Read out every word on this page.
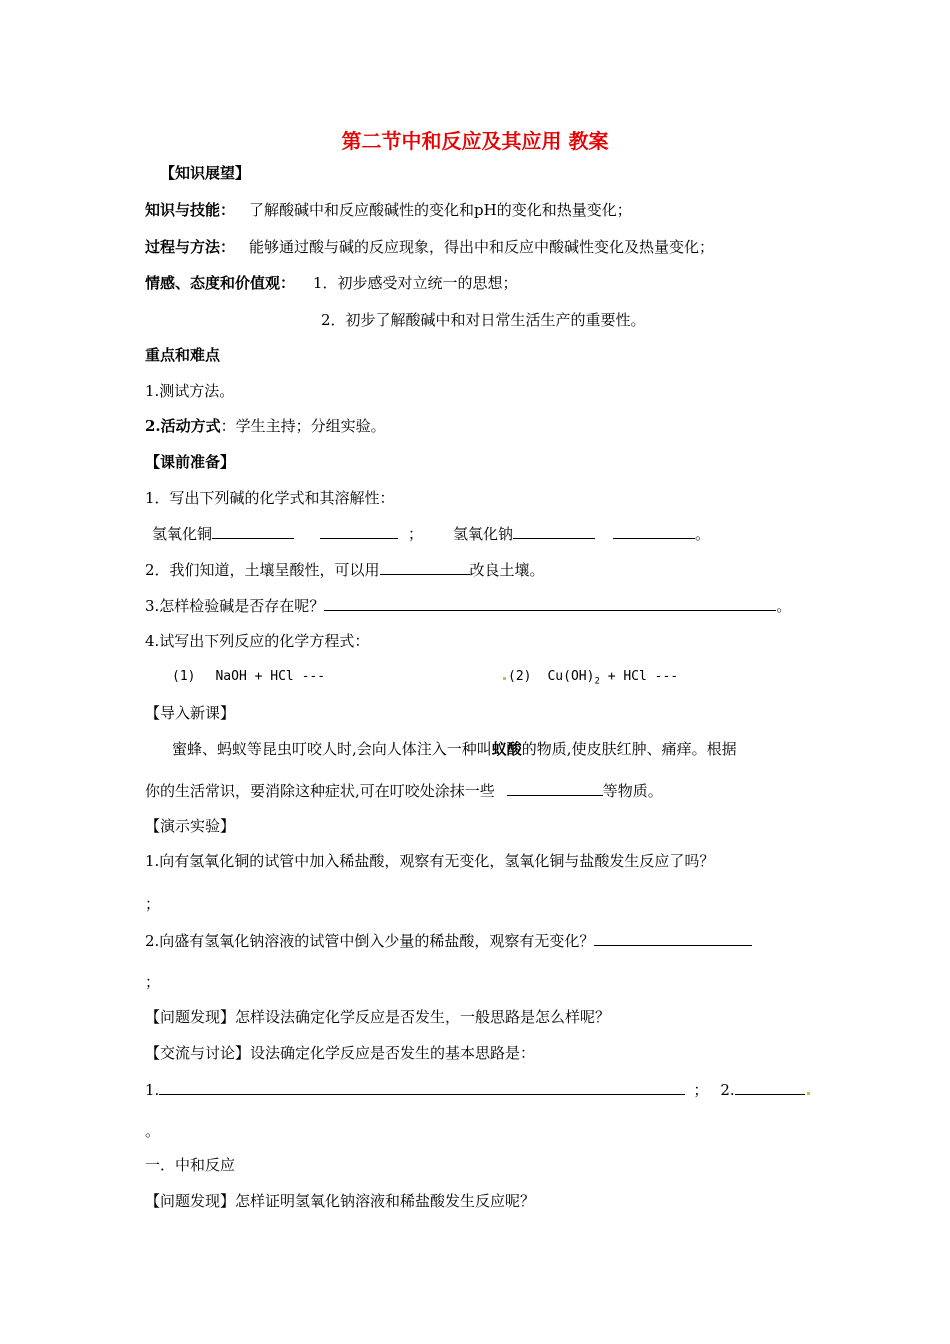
第二节中和反应及其应用 教案
【知识展望】
知识与技能： 了解酸碱中和反应酸碱性的变化和pH的变化和热量变化；
过程与方法： 能够通过酸与碱的反应现象，得出中和反应中酸碱性变化及热量变化；
情感、态度和价值观： 1．初步感受对立统一的思想；
2．初步了解酸碱中和对日常生活生产的重要性。
重点和难点
1.测试方法。
2.活动方式：学生主持；分组实验。
【课前准备】
1．写出下列碱的化学式和其溶解性：
氢氧化铜	； 氢氧化钠	。
2．我们知道，土壤呈酸性，可以用	改良土壤。
3.怎样检验碱是否存在呢？	。
4.试写出下列反应的化学方程式：
(1) NaOH + HCl ---	(2) $Cu(OH)_2$ + HCl ---
【导入新课】
蜜蜂、蚂蚁等昆虫叮咬人时,会向人体注入一种叫蚁酸的物质,使皮肤红肿、痛痒。根据
你的生活常识，要消除这种症状,可在叮咬处涂抹一些	等物质。
【演示实验】
1.向有氢氧化铜的试管中加入稀盐酸，观察有无变化，氢氧化铜与盐酸发生反应了吗？
；
2.向盛有氢氧化钠溶液的试管中倒入少量的稀盐酸，观察有无变化？
；
【问题发现】怎样设法确定化学反应是否发生，一般思路是怎么样呢？
【交流与讨论】设法确定化学反应是否发生的基本思路是：
1.	； 2.
。
一．中和反应
【问题发现】怎样证明氢氧化钠溶液和稀盐酸发生反应呢？
